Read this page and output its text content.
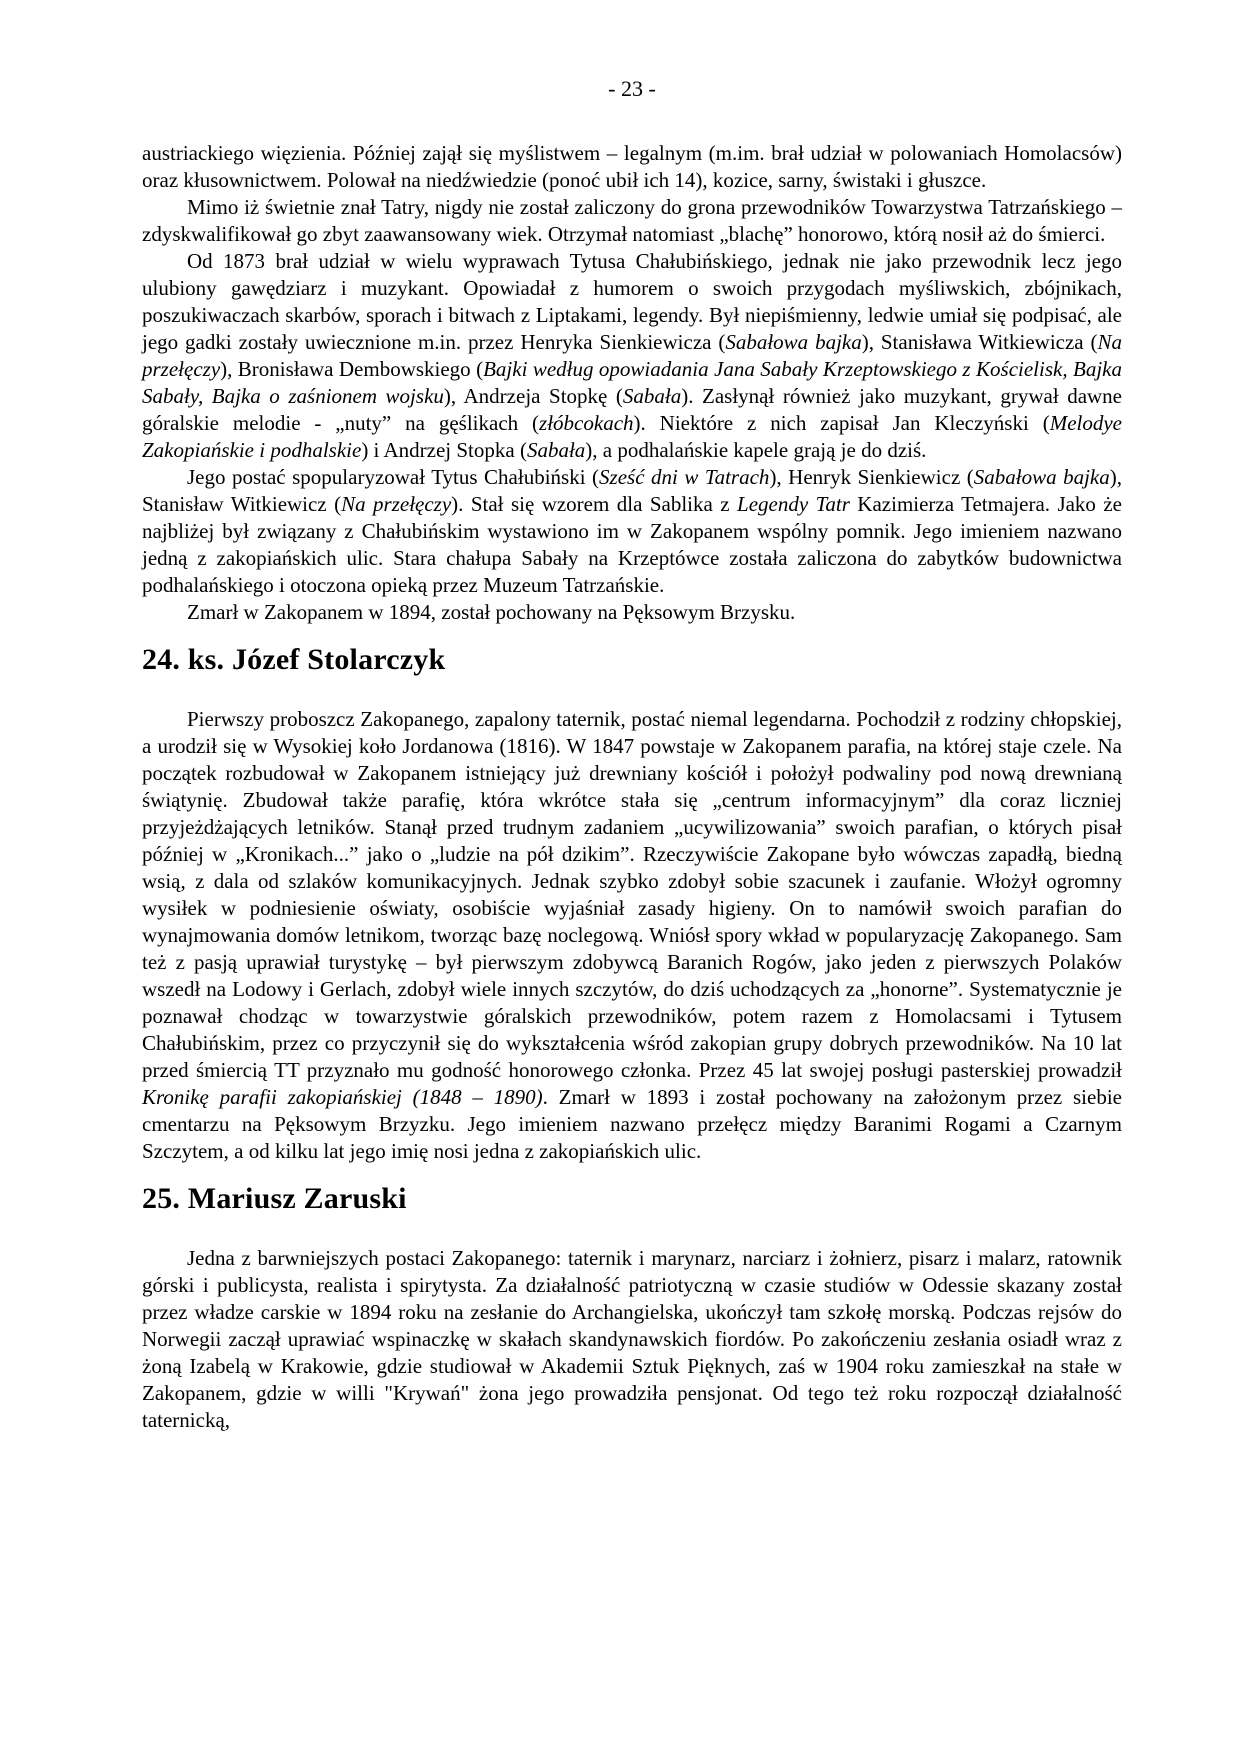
- 23 -

austriackiego więzienia. Później zajął się myślistwem – legalnym (m.im. brał udział w polowaniach Homolacsów) oraz kłusownictwem. Polował na niedźwiedzie (ponoć ubił ich 14), kozice, sarny, świstaki i głuszce.

Mimo iż świetnie znał Tatry, nigdy nie został zaliczony do grona przewodników Towarzystwa Tatrzańskiego – zdyskwalifikował go zbyt zaawansowany wiek. Otrzymał natomiast „blachę” honorowo, którą nosił aż do śmierci.

Od 1873 brał udział w wielu wyprawach Tytusa Chałubińskiego, jednak nie jako przewodnik lecz jego ulubiony gawędziarz i muzykant. Opowiadał z humorem o swoich przygodach myśliwskich, zbójnikach, poszukiwaczach skarbów, sporach i bitwach z Liptakami, legendy. Był niepiśmienny, ledwie umiał się podpisać, ale jego gadki zostały uwiecznione m.in. przez Henryka Sienkiewicza (Sabałowa bajka), Stanisława Witkiewicza (Na przełęczy), Bronisława Dembowskiego (Bajki według opowiadania Jana Sabały Krzeptowskiego z Kościelisk, Bajka Sabały, Bajka o zaśnionem wojsku), Andrzeja Stopkę (Sabała). Zasłynął również jako muzykant, grywał dawne góralskie melodie - „nuty” na gęślikach (złóbcokach). Niektóre z nich zapisał Jan Kleczyński (Melodye Zakopiańskie i podhalskie) i Andrzej Stopka (Sabała), a podhalańskie kapele grają je do dziś.

Jego postać spopularyzował Tytus Chałubiński (Sześć dni w Tatrach), Henryk Sienkiewicz (Sabałowa bajka), Stanisław Witkiewicz (Na przełęczy). Stał się wzorem dla Sablika z Legendy Tatr Kazimierza Tetmajera. Jako że najbliżej był związany z Chałubińskim wystawiono im w Zakopanem wspólny pomnik. Jego imieniem nazwano jedną z zakopiańskich ulic. Stara chałupa Sabały na Krzeptówce została zaliczona do zabytków budownictwa podhalańskiego i otoczona opieką przez Muzeum Tatrzańskie.

Zmarł w Zakopanem w 1894, został pochowany na Pęksowym Brzysku.

24. ks. Józef Stolarczyk

Pierwszy proboszcz Zakopanego, zapalony taternik, postać niemal legendarna. Pochodził z rodziny chłopskiej, a urodził się w Wysokiej koło Jordanowa (1816). W 1847 powstaje w Zakopanem parafia, na której staje czele. Na początek rozbudował w Zakopanem istniejący już drewniany kościół i położył podwaliny pod nową drewnianą świątynię. Zbudował także parafię, która wkrótce stała się „centrum informacyjnym” dla coraz liczniej przyjeżdżających letników. Stanął przed trudnym zadaniem „ucywilizowania” swoich parafian, o których pisał później w „Kronikach...” jako o „ludzie na pół dzikim”. Rzeczywiście Zakopane było wówczas zapadłą, biedną wsią, z dala od szlaków komunikacyjnych. Jednak szybko zdobył sobie szacunek i zaufanie. Włożył ogromny wysiłek w podniesienie oświaty, osobiście wyjaśniał zasady higieny. On to namówił swoich parafian do wynajmowania domów letnikom, tworząc bazę noclegową. Wniósł spory wkład w popularyzację Zakopanego. Sam też z pasją uprawiał turystykę – był pierwszym zdobywcą Baranich Rogów, jako jeden z pierwszych Polaków wszedł na Lodowy i Gerlach, zdobył wiele innych szczytów, do dziś uchodzących za „honorne”. Systematycznie je poznawał chodząc w towarzystwie góralskich przewodników, potem razem z Homolacsami i Tytusem Chałubińskim, przez co przyczynił się do wykształcenia wśród zakopian grupy dobrych przewodników. Na 10 lat przed śmiercią TT przyznało mu godność honorowego członka. Przez 45 lat swojej posługi pasterskiej prowadził Kronikę parafii zakopiańskiej (1848 – 1890). Zmarł w 1893 i został pochowany na założonym przez siebie cmentarzu na Pęksowym Brzyzku. Jego imieniem nazwano przełęcz między Baranimi Rogami a Czarnym Szczytem, a od kilku lat jego imię nosi jedna z zakopiańskich ulic.

25. Mariusz Zaruski

Jedna z barwniejszych postaci Zakopanego: taternik i marynarz, narciarz i żołnierz, pisarz i malarz, ratownik górski i publicysta, realista i spirytysta. Za działalność patriotyczną w czasie studiów w Odessie skazany został przez władze carskie w 1894 roku na zesłanie do Archangielska, ukończył tam szkołę morską. Podczas rejsów do Norwegii zaczął uprawiać wspinaczkę w skałach skandynawskich fiordów. Po zakończeniu zesłania osiadł wraz z żoną Izabelą w Krakowie, gdzie studiował w Akademii Sztuk Pięknych, zaś w 1904 roku zamieszkał na stałe w Zakopanem, gdzie w willi "Krywań" żona jego prowadziła pensjonat. Od tego też roku rozpoczął działalność taternicką,
